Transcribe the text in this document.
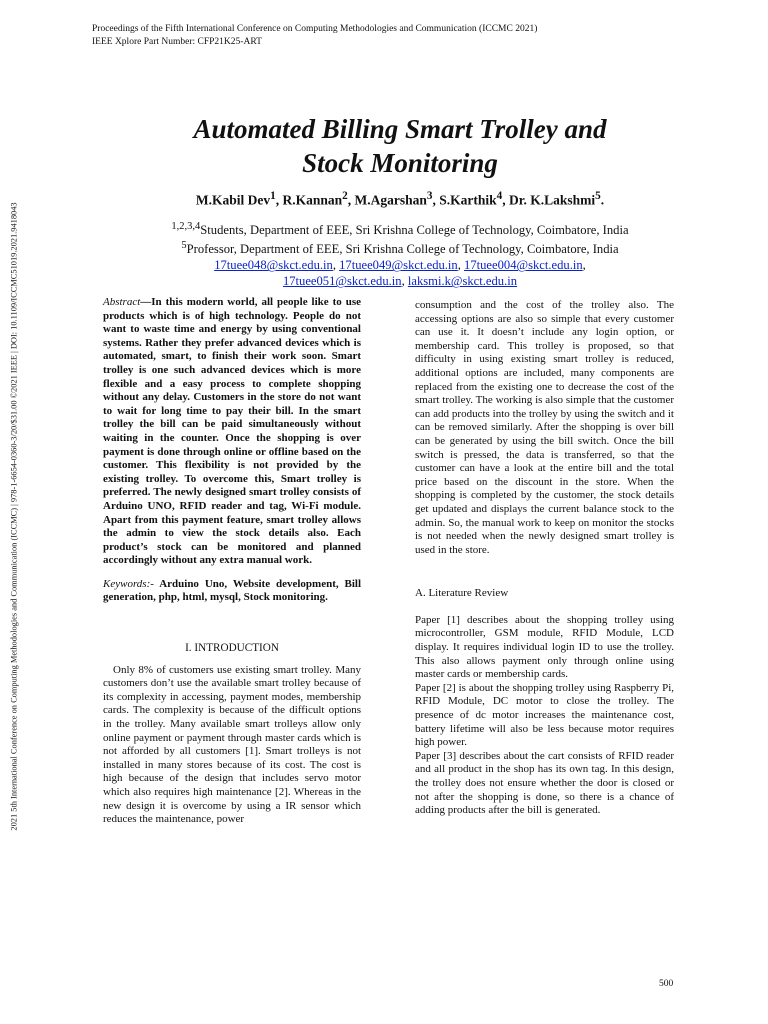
Proceedings of the Fifth International Conference on Computing Methodologies and Communication (ICCMC 2021)
IEEE Xplore Part Number: CFP21K25-ART
2021 5th International Conference on Computing Methodologies and Communication (ICCMC) | 978-1-6654-0360-3/20/$31.00 ©2021 IEEE | DOI: 10.1109/ICCMC51019.2021.9418043
Automated Billing Smart Trolley and
Stock Monitoring
M.Kabil Dev$^1$, R.Kannan$^2$, M.Agarshan$^3$, S.Karthik$^4$, Dr. K.Lakshmi$^5$.
$^{1,2,3,4}$Students, Department of EEE, Sri Krishna College of Technology, Coimbatore, India
$^5$Professor, Department of EEE, Sri Krishna College of Technology, Coimbatore, India
17tuee048@skct.edu.in, 17tuee049@skct.edu.in, 17tuee004@skct.edu.in,
17tuee051@skct.edu.in, laksmi.k@skct.edu.in

Abstract—In this modern world, all people like to use products which is of high technology. People do not want to waste time and energy by using conventional systems. Rather they prefer advanced devices which is automated, smart, to finish their work soon. Smart trolley is one such advanced devices which is more flexible and a easy process to complete shopping without any delay. Customers in the store do not want to wait for long time to pay their bill. In the smart trolley the bill can be paid simultaneously without waiting in the counter. Once the shopping is over payment is done through online or offline based on the customer. This flexibility is not provided by the existing trolley. To overcome this, Smart trolley is preferred. The newly designed smart trolley consists of Arduino UNO, RFID reader and tag, Wi-Fi module. Apart from this payment feature, smart trolley allows the admin to view the stock details also. Each product’s stock can be monitored and planned accordingly without any extra manual work.

Keywords:- Arduino Uno, Website development, Bill generation, php, html, mysql, Stock monitoring.

I. INTRODUCTION

Only 8% of customers use existing smart trolley. Many customers don’t use the available smart trolley because of its complexity in accessing, payment modes, membership cards. The complexity is because of the difficult options in the trolley. Many available smart trolleys allow only online payment or payment through master cards which is not afforded by all customers [1]. Smart trolleys is not installed in many stores because of its cost. The cost is high because of the design that includes servo motor which also requires high maintenance [2]. Whereas in the new design it is overcome by using a IR sensor which reduces the maintenance, power

consumption and the cost of the trolley also. The accessing options are also so simple that every customer can use it. It doesn’t include any login option, or membership card. This trolley is proposed, so that difficulty in using existing smart trolley is reduced, additional options are included, many components are replaced from the existing one to decrease the cost of the smart trolley. The working is also simple that the customer can add products into the trolley by using the switch and it can be removed similarly. After the shopping is over bill can be generated by using the bill switch. Once the bill switch is pressed, the data is transferred, so that the customer can have a look at the entire bill and the total price based on the discount in the store. When the shopping is completed by the customer, the stock details get updated and displays the current balance stock to the admin. So, the manual work to keep on monitor the stocks is not needed when the newly designed smart trolley is used in the store.

A. Literature Review

Paper [1] describes about the shopping trolley using microcontroller, GSM module, RFID Module, LCD display. It requires individual login ID to use the trolley. This also allows payment only through online using master cards or membership cards.

Paper [2] is about the shopping trolley using Raspberry Pi, RFID Module, DC motor to close the trolley. The presence of dc motor increases the maintenance cost, battery lifetime will also be less because motor requires high power.

Paper [3] describes about the cart consists of RFID reader and all product in the shop has its own tag. In this design, the trolley does not ensure whether the door is closed or not after the shopping is done, so there is a chance of adding products after the bill is generated.

500
